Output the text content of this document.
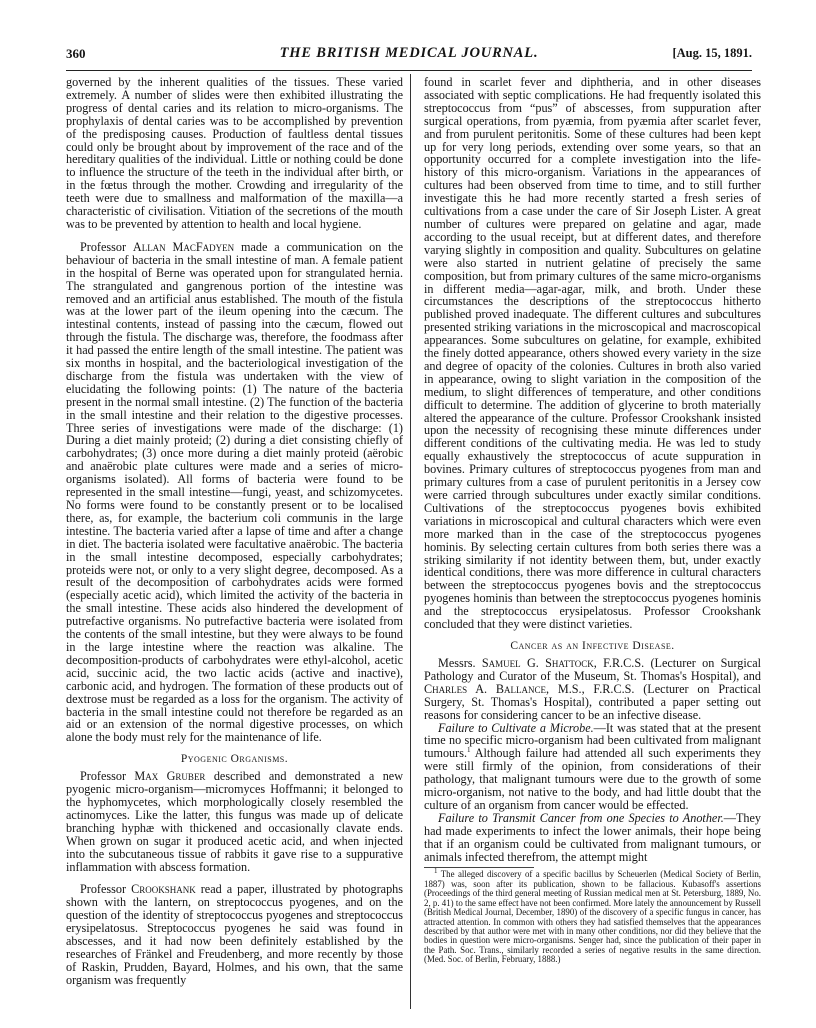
360	THE BRITISH MEDICAL JOURNAL.	[Aug. 15, 1891.

governed by the inherent qualities of the tissues. These varied extremely. A number of slides were then exhibited illustrating the progress of dental caries and its relation to micro-organisms. The prophylaxis of dental caries was to be accomplished by prevention of the predisposing causes. Production of faultless dental tissues could only be brought about by improvement of the race and of the hereditary qualities of the individual. Little or nothing could be done to influence the structure of the teeth in the individual after birth, or in the fœtus through the mother. Crowding and irregularity of the teeth were due to smallness and malformation of the maxilla—a characteristic of civilisation. Vitiation of the secretions of the mouth was to be prevented by attention to health and local hygiene.

Professor Allan MacFadyen made a communication on the behaviour of bacteria in the small intestine of man. A female patient in the hospital of Berne was operated upon for strangulated hernia. The strangulated and gangrenous portion of the intestine was removed and an artificial anus established. The mouth of the fistula was at the lower part of the ileum opening into the cæcum. The intestinal contents, instead of passing into the cæcum, flowed out through the fistula. The discharge was, therefore, the foodmass after it had passed the entire length of the small intestine. The patient was six months in hospital, and the bacteriological investigation of the discharge from the fistula was undertaken with the view of elucidating the following points: (1) The nature of the bacteria present in the normal small intestine. (2) The function of the bacteria in the small intestine and their relation to the digestive processes. Three series of investigations were made of the discharge: (1) During a diet mainly proteid; (2) during a diet consisting chiefly of carbohydrates; (3) once more during a diet mainly proteid (aërobic and anaërobic plate cultures were made and a series of micro-organisms isolated). All forms of bacteria were found to be represented in the small intestine—fungi, yeast, and schizomycetes. No forms were found to be constantly present or to be localised there, as, for example, the bacterium coli communis in the large intestine. The bacteria varied after a lapse of time and after a change in diet. The bacteria isolated were facultative anaërobic. The bacteria in the small intestine decomposed, especially carbohydrates; proteids were not, or only to a very slight degree, decomposed. As a result of the decomposition of carbohydrates acids were formed (especially acetic acid), which limited the activity of the bacteria in the small intestine. These acids also hindered the development of putrefactive organisms. No putrefactive bacteria were isolated from the contents of the small intestine, but they were always to be found in the large intestine where the reaction was alkaline. The decomposition-products of carbohydrates were ethyl-alcohol, acetic acid, succinic acid, the two lactic acids (active and inactive), carbonic acid, and hydrogen. The formation of these products out of dextrose must be regarded as a loss for the organism. The activity of bacteria in the small intestine could not therefore be regarded as an aid or an extension of the normal digestive processes, on which alone the body must rely for the maintenance of life.

Pyogenic Organisms.

Professor Max Gruber described and demonstrated a new pyogenic micro-organism—micromyces Hoffmanni; it belonged to the hyphomycetes, which morphologically closely resembled the actinomyces. Like the latter, this fungus was made up of delicate branching hyphæ with thickened and occasionally clavate ends. When grown on sugar it produced acetic acid, and when injected into the subcutaneous tissue of rabbits it gave rise to a suppurative inflammation with abscess formation.

Professor Crookshank read a paper, illustrated by photographs shown with the lantern, on streptococcus pyogenes, and on the question of the identity of streptococcus pyogenes and streptococcus erysipelatosus. Streptococcus pyogenes he said was found in abscesses, and it had now been definitely established by the researches of Fränkel and Freudenberg, and more recently by those of Raskin, Prudden, Bayard, Holmes, and his own, that the same organism was frequently

found in scarlet fever and diphtheria, and in other diseases associated with septic complications. He had frequently isolated this streptococcus from “pus” of abscesses, from suppuration after surgical operations, from pyæmia, from pyæmia after scarlet fever, and from purulent peritonitis. Some of these cultures had been kept up for very long periods, extending over some years, so that an opportunity occurred for a complete investigation into the life-history of this micro-organism. Variations in the appearances of cultures had been observed from time to time, and to still further investigate this he had more recently started a fresh series of cultivations from a case under the care of Sir Joseph Lister. A great number of cultures were prepared on gelatine and agar, made according to the usual receipt, but at different dates, and therefore varying slightly in composition and quality. Subcultures on gelatine were also started in nutrient gelatine of precisely the same composition, but from primary cultures of the same micro-organisms in different media—agar-agar, milk, and broth. Under these circumstances the descriptions of the streptococcus hitherto published proved inadequate. The different cultures and subcultures presented striking variations in the microscopical and macroscopical appearances. Some subcultures on gelatine, for example, exhibited the finely dotted appearance, others showed every variety in the size and degree of opacity of the colonies. Cultures in broth also varied in appearance, owing to slight variation in the composition of the medium, to slight differences of temperature, and other conditions difficult to determine. The addition of glycerine to broth materially altered the appearance of the culture. Professor Crookshank insisted upon the necessity of recognising these minute differences under different conditions of the cultivating media. He was led to study equally exhaustively the streptococcus of acute suppuration in bovines. Primary cultures of streptococcus pyogenes from man and primary cultures from a case of purulent peritonitis in a Jersey cow were carried through subcultures under exactly similar conditions. Cultivations of the streptococcus pyogenes bovis exhibited variations in microscopical and cultural characters which were even more marked than in the case of the streptococcus pyogenes hominis. By selecting certain cultures from both series there was a striking similarity if not identity between them, but, under exactly identical conditions, there was more difference in cultural characters between the streptococcus pyogenes bovis and the streptococcus pyogenes hominis than between the streptococcus pyogenes hominis and the streptococcus erysipelatosus. Professor Crookshank concluded that they were distinct varieties.

Cancer as an Infective Disease.

Messrs. Samuel G. Shattock, F.R.C.S. (Lecturer on Surgical Pathology and Curator of the Museum, St. Thomas's Hospital), and Charles A. Ballance, M.S., F.R.C.S. (Lecturer on Practical Surgery, St. Thomas's Hospital), contributed a paper setting out reasons for considering cancer to be an infective disease.

Failure to Cultivate a Microbe.—It was stated that at the present time no specific micro-organism had been cultivated from malignant tumours.$^1$ Although failure had attended all such experiments they were still firmly of the opinion, from considerations of their pathology, that malignant tumours were due to the growth of some micro-organism, not native to the body, and had little doubt that the culture of an organism from cancer would be effected.

Failure to Transmit Cancer from one Species to Another.—They had made experiments to infect the lower animals, their hope being that if an organism could be cultivated from malignant tumours, or animals infected therefrom, the attempt might

$^1$ The alleged discovery of a specific bacillus by Scheuerlen (Medical Society of Berlin, 1887) was, soon after its publication, shown to be fallacious. Kubasoff's assertions (Proceedings of the third general meeting of Russian medical men at St. Petersburg, 1889, No. 2, p. 41) to the same effect have not been confirmed. More lately the announcement by Russell (British Medical Journal, December, 1890) of the discovery of a specific fungus in cancer, has attracted attention. In common with others they had satisfied themselves that the appearances described by that author were met with in many other conditions, nor did they believe that the bodies in question were micro-organisms. Senger had, since the publication of their paper in the Path. Soc. Trans., similarly recorded a series of negative results in the same direction. (Med. Soc. of Berlin, February, 1888.)
